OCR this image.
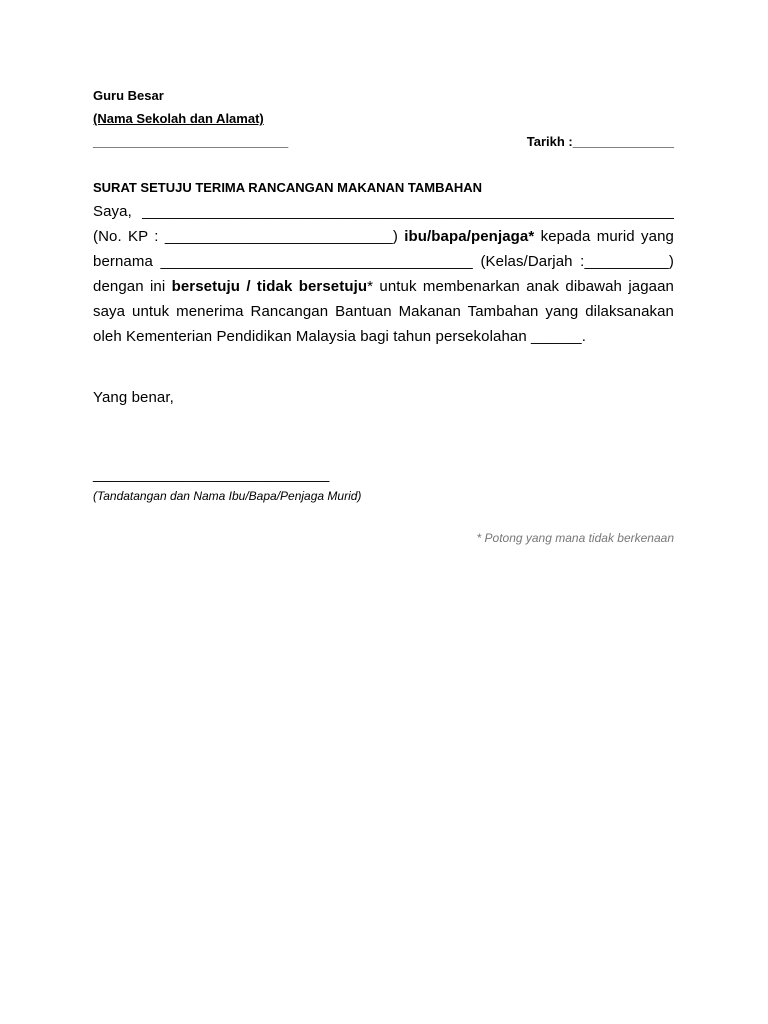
Guru Besar
(Nama Sekolah dan Alamat)
___________________________	Tarikh :______________
SURAT SETUJU TERIMA RANCANGAN MAKANAN TAMBAHAN
Saya, _______________________________________________________________
(No. KP : ___________________________) ibu/bapa/penjaga* kepada murid yang
bernama _____________________________________ (Kelas/Darjah :__________)
dengan ini bersetuju / tidak bersetuju* untuk membenarkan anak dibawah jagaan
saya untuk menerima Rancangan Bantuan Makanan Tambahan yang dilaksanakan
oleh Kementerian Pendidikan Malaysia bagi tahun persekolahan ______.
Yang benar,
____________________________
(Tandatangan dan Nama Ibu/Bapa/Penjaga Murid)
* Potong yang mana tidak berkenaan
